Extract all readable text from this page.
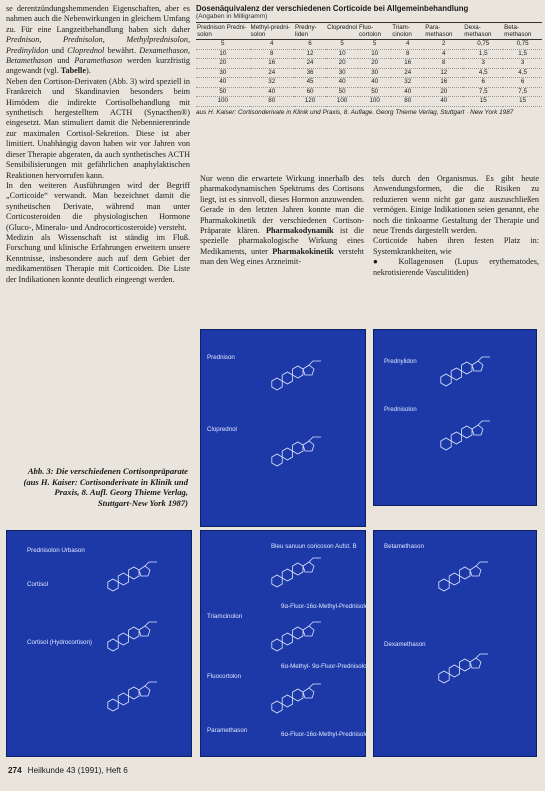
se derentzündungshemmenden Eigenschaften, aber es nahmen auch die Nebenwirkungen in gleichem Umfang zu. Für eine Langzeitbehandlung haben sich daher Prednison, Prednisolon, Methylprednisolon, Predinylidon und Cloprednol bewährt. Dexamethason, Betamethason und Paramethason werden kurzfristig angewandt (vgl. Tabelle).

Neben den Cortison-Derivaten (Abb. 3) wird speziell in Frankreich und Skandinavien besonders beim Hirnödem die indirekte Cortisolbehandlung mit synthetisch hergestelltem ACTH (Synacthen®) eingesetzt. Man stimuliert damit die Nebennierenrinde zur maximalen Cortisol-Sekretion. Diese ist aber limitiert. Unabhängig davon haben wir vor Jahren von dieser Therapie abgeraten, da auch synthetisches ACTH Sensibilisierungen mit gefährlichen anaphylaktischen Reaktionen hervorrufen kann.

In den weiteren Ausführungen wird der Begriff „Corticoide“ verwandt. Man bezeichnet damit die synthetischen Derivate, während man unter Corticosteroiden die physiologischen Hormone (Gluco-, Mineralo- und Androcorticosteroide) versteht.

Medizin als Wissenschaft ist ständig im Fluß. Forschung und klinische Erfahrungen erweitern unsere Kenntnisse, insbesondere auch auf dem Gebiet der medikamentösen Therapie mit Corticoiden. Die Liste der Indikationen konnte deutlich eingeengt werden.

Dosenäquivalenz der verschiedenen Corticoide bei Allgemeinbehandlung
(Angaben in Milligramm)
Prednison Predni-solon	Methyl-predni-solon	Predny-liden	Cloprednol	Fluo-cortolon	Triam-cinolon	Para-methason	Dexa-methason	Beta-methason
5	4	6	5	5	4	2	0,75	0,75
10	8	12	10	10	8	4	1,5	1,5
20	16	24	20	20	16	8	3	3
30	24	36	30	30	24	12	4,5	4,5
40	32	45	40	40	32	16	6	6
50	40	60	50	50	40	20	7,5	7,5
100	80	120	100	100	80	40	15	15
aus H. Kaiser: Cortisonderivate in Klinik und Praxis, 8. Auflage. Georg Thieme Verlag, Stuttgart · New York 1987

Nur wenn die erwartete Wirkung innerhalb des pharmakodynamischen Spektrums des Cortisons liegt, ist es sinnvoll, dieses Hormon anzuwenden. Gerade in den letzten Jahren konnte man die Pharmakokinetik der verschiedenen Cortison-Präparate klären. Pharmakodynamik ist die spezielle pharmakologische Wirkung eines Medikaments, unter Pharmakokinetik versteht man den Weg eines Arzneimit-

tels durch den Organismus. Es gibt heute Anwendungsformen, die die Risiken zu reduzieren wenn nicht gar ganz auszuschließen vermögen. Einige Indikationen seien genannt, ehe noch die tinkoarme Gestaltung der Therapie und neue Trends dargestellt werden.

Corticoide haben ihren festen Platz in: Systemkrankheiten, wie

● Kollagenosen (Lupus erythematodes, nekrotisierende Vasculitiden)

Abb. 3: Die verschiedenen Cortisonpräparate
(aus H. Kaiser: Cortisonderivate in Klinik und Praxis, 8. Aufl. Georg Thieme Verlag, Stuttgart-New York 1987)
Prednison
Cloprednol
Prednylidon
Prednisolon
Prednisolon Urbason
Cortisol
Cortisol (Hydrocortison)
Bleu sanuun coricoson Aufst. B
9α-Fluor-16α-Methyl-Prednisolon
Triamcinolon
6α-Methyl- 9α-Fluor-Prednisolon
Fluocortolon
6α-Fluor-16α-Methyl-Prednisolon
Paramethason
Betamethason
Dexamethason
274 Heilkunde 43 (1991), Heft 6
